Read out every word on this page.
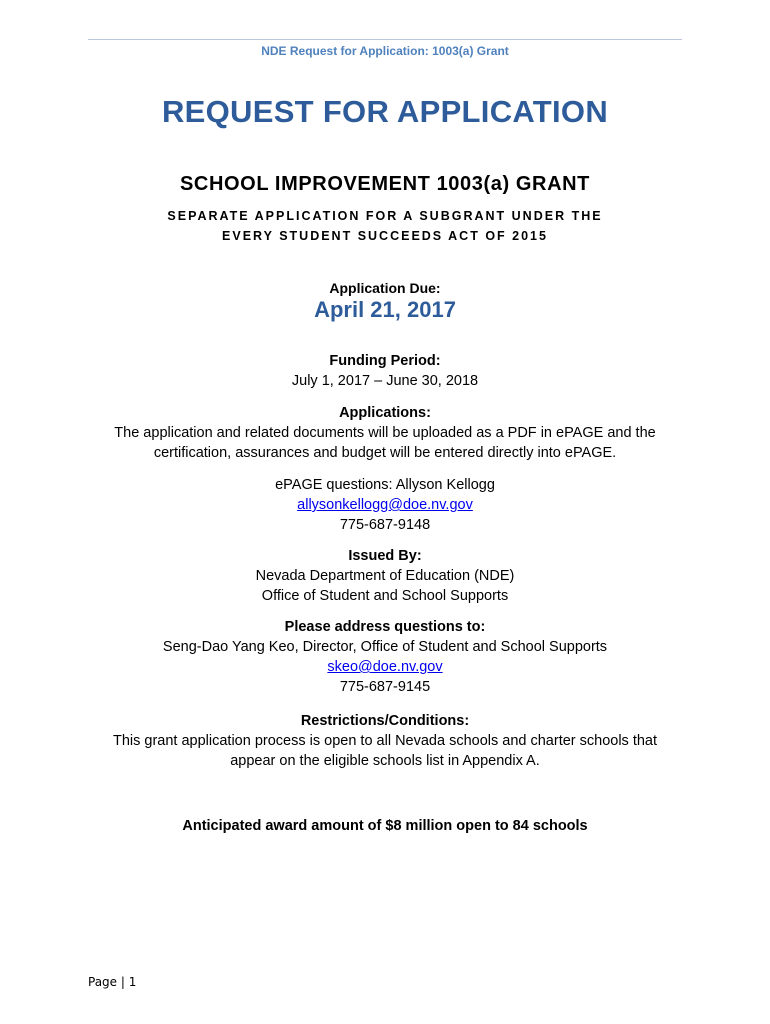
NDE Request for Application: 1003(a) Grant
REQUEST FOR APPLICATION
SCHOOL IMPROVEMENT 1003(a) GRANT
SEPARATE APPLICATION FOR A SUBGRANT UNDER THE
EVERY STUDENT SUCCEEDS ACT OF 2015
Application Due:
April 21, 2017
Funding Period:
July 1, 2017 – June 30, 2018
Applications:
The application and related documents will be uploaded as a PDF in ePAGE and the
certification, assurances and budget will be entered directly into ePAGE.
ePAGE questions: Allyson Kellogg
allysonkellogg@doe.nv.gov
775-687-9148
Issued By:
Nevada Department of Education (NDE)
Office of Student and School Supports
Please address questions to:
Seng-Dao Yang Keo, Director, Office of Student and School Supports
skeo@doe.nv.gov
775-687-9145
Restrictions/Conditions:
This grant application process is open to all Nevada schools and charter schools that
appear on the eligible schools list in Appendix A.
Anticipated award amount of $8 million open to 84 schools
Page | 1
